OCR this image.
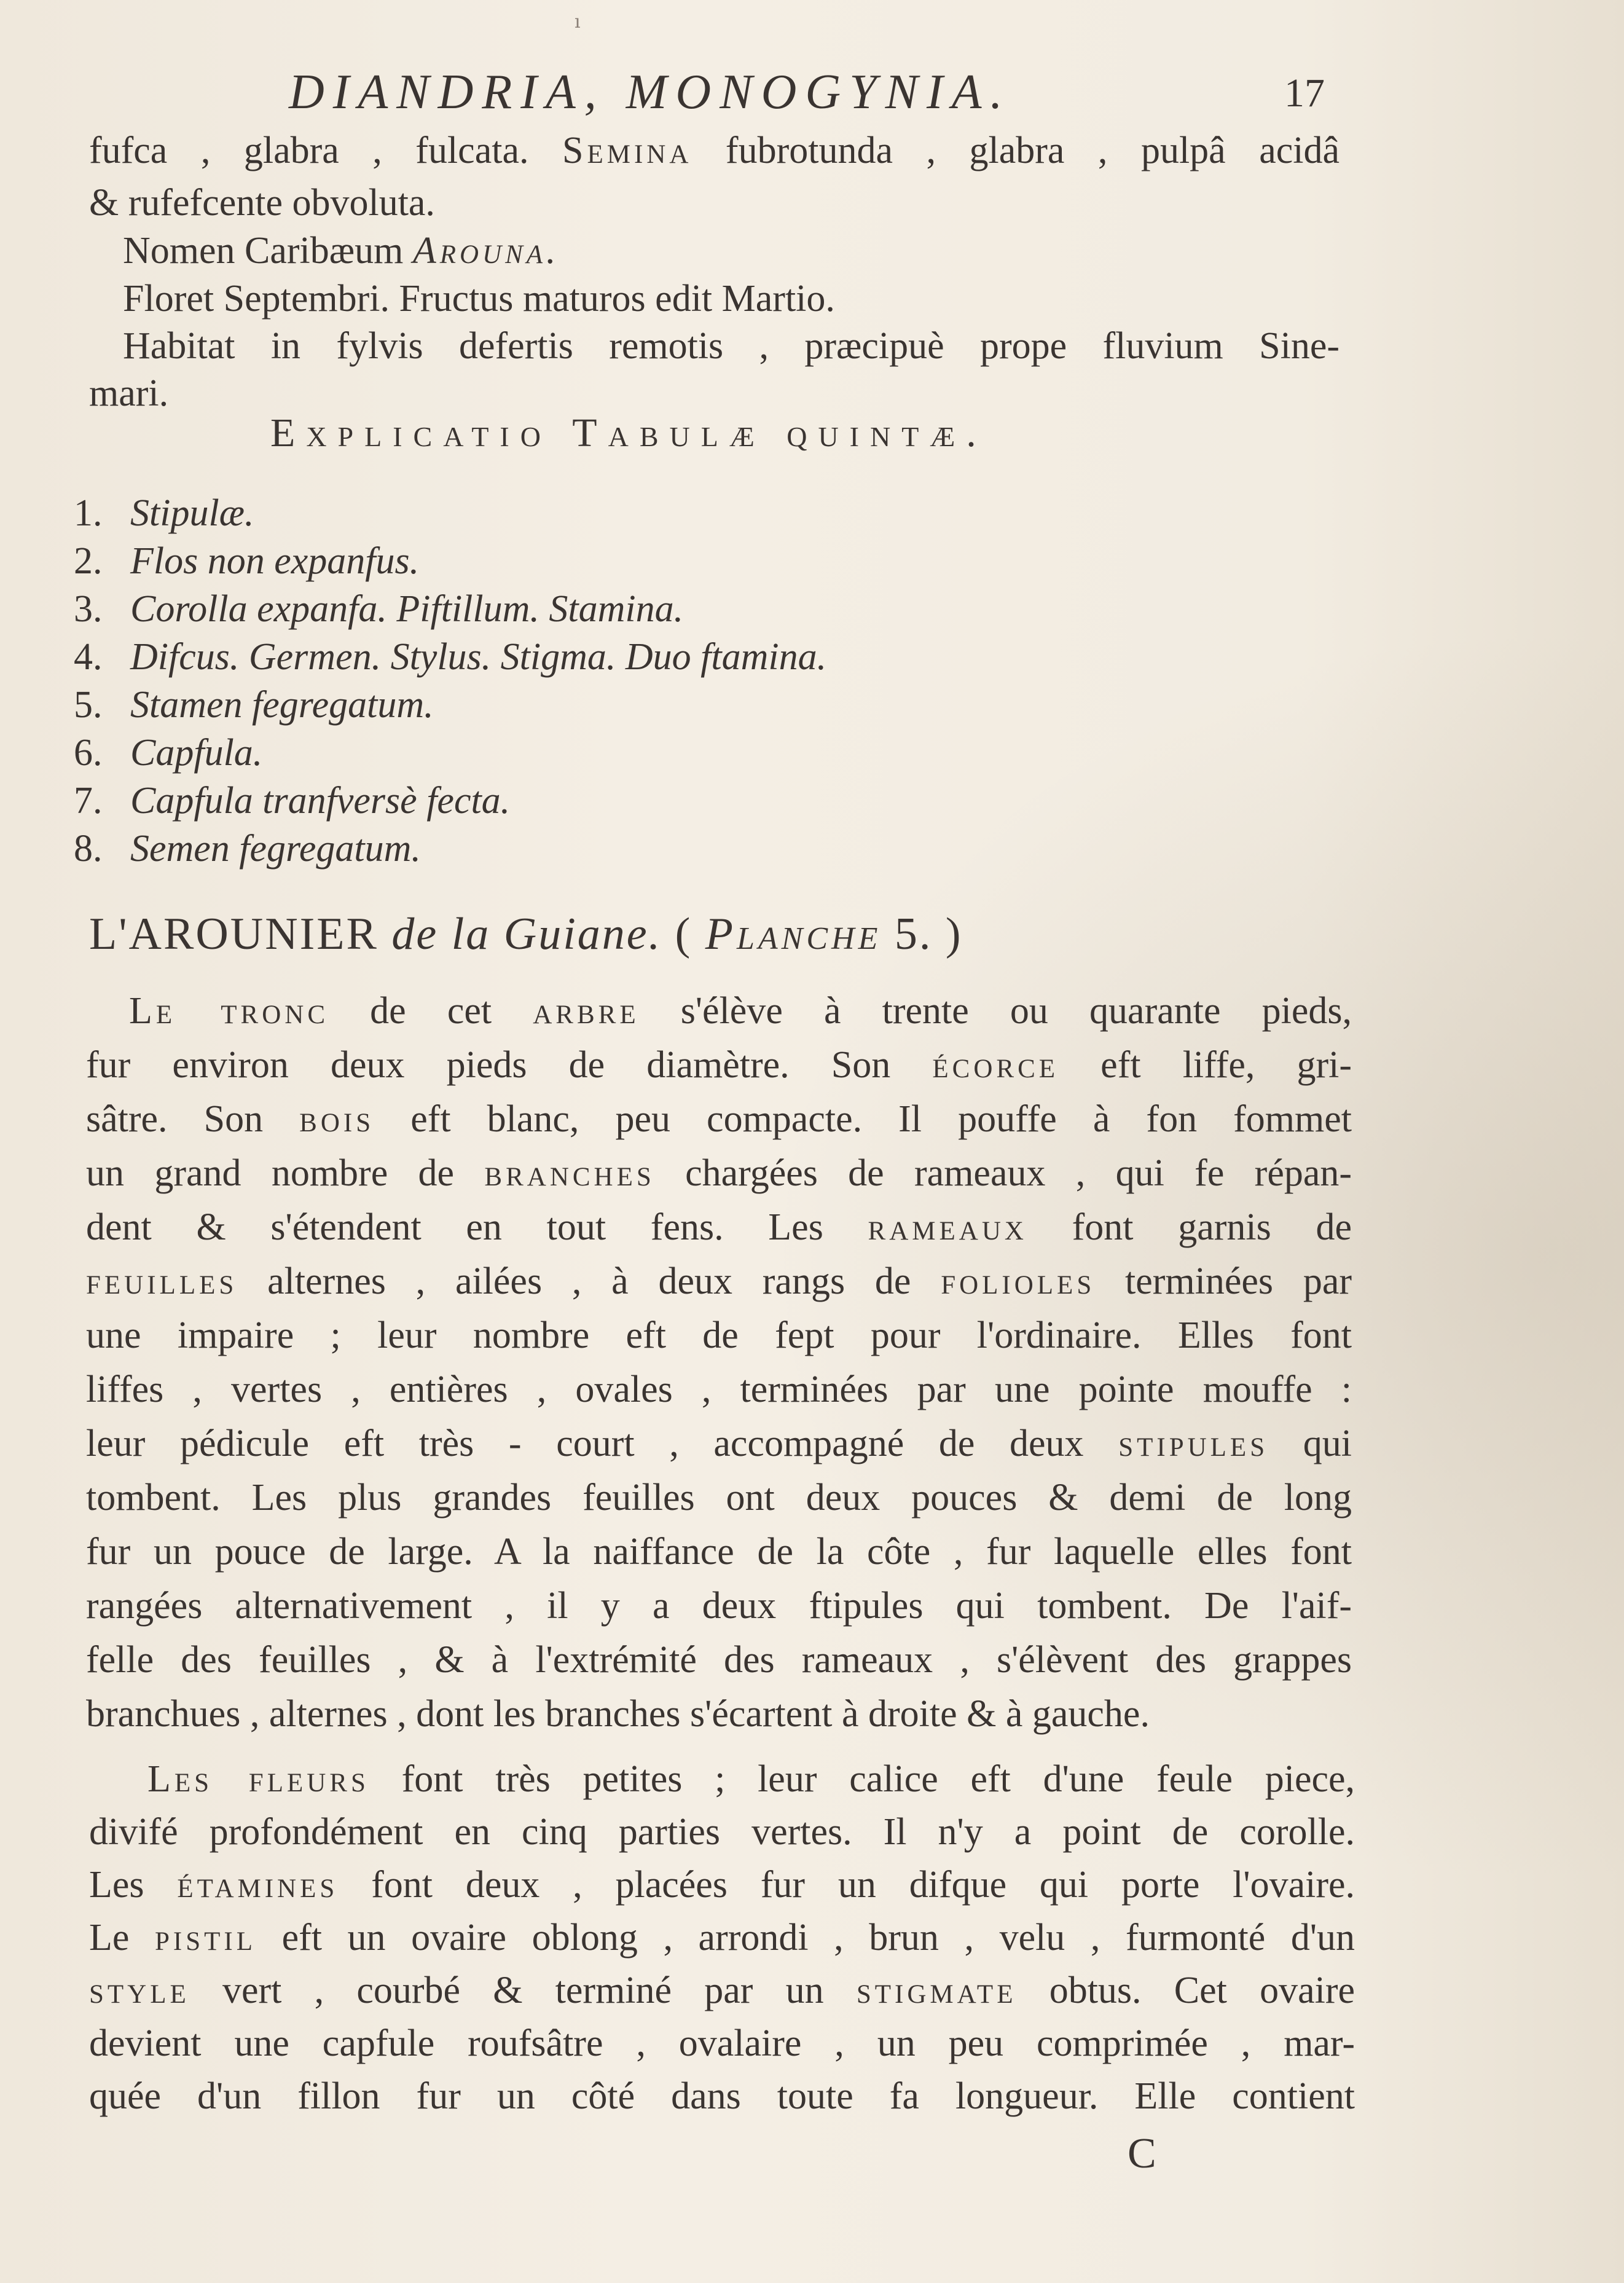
ı
DIANDRIA, MONOGYNIA.	17
fufca , glabra , fulcata. Semina fubrotunda , glabra , pulpâ acidâ
& rufefcente obvoluta.
Nomen Caribæum Arouna.
Floret Septembri. Fructus maturos edit Martio.
Habitat in fylvis defertis remotis , præcipuè prope fluvium Sine-
mari.
Explicatio Tabulæ quintæ.
1. Stipulæ.
2. Flos non expanfus.
3. Corolla expanfa. Piftillum. Stamina.
4. Difcus. Germen. Stylus. Stigma. Duo ftamina.
5. Stamen fegregatum.
6. Capfula.
7. Capfula tranfversè fecta.
8. Semen fegregatum.
L'AROUNIER de la Guiane. ( Planche 5. )
Le tronc de cet arbre s'élève à trente ou quarante pieds,
fur environ deux pieds de diamètre. Son écorce eft liffe, gri-
sâtre. Son bois eft blanc, peu compacte. Il pouffe à fon fommet
un grand nombre de branches chargées de rameaux , qui fe répan-
dent & s'étendent en tout fens. Les rameaux font garnis de
feuilles alternes , ailées , à deux rangs de folioles terminées par
une impaire ; leur nombre eft de fept pour l'ordinaire. Elles font
liffes , vertes , entières , ovales , terminées par une pointe mouffe :
leur pédicule eft très - court , accompagné de deux stipules qui
tombent. Les plus grandes feuilles ont deux pouces & demi de long
fur un pouce de large. A la naiffance de la côte , fur laquelle elles font
rangées alternativement , il y a deux ftipules qui tombent. De l'aif-
felle des feuilles , & à l'extrémité des rameaux , s'élèvent des grappes
branchues , alternes , dont les branches s'écartent à droite & à gauche.
Les fleurs font très petites ; leur calice eft d'une feule piece,
divifé profondément en cinq parties vertes. Il n'y a point de corolle.
Les étamines font deux , placées fur un difque qui porte l'ovaire.
Le pistil eft un ovaire oblong , arrondi , brun , velu , furmonté d'un
style vert , courbé & terminé par un stigmate obtus. Cet ovaire
devient une capfule roufsâtre , ovalaire , un peu comprimée , mar-
quée d'un fillon fur un côté dans toute fa longueur. Elle contient
C
